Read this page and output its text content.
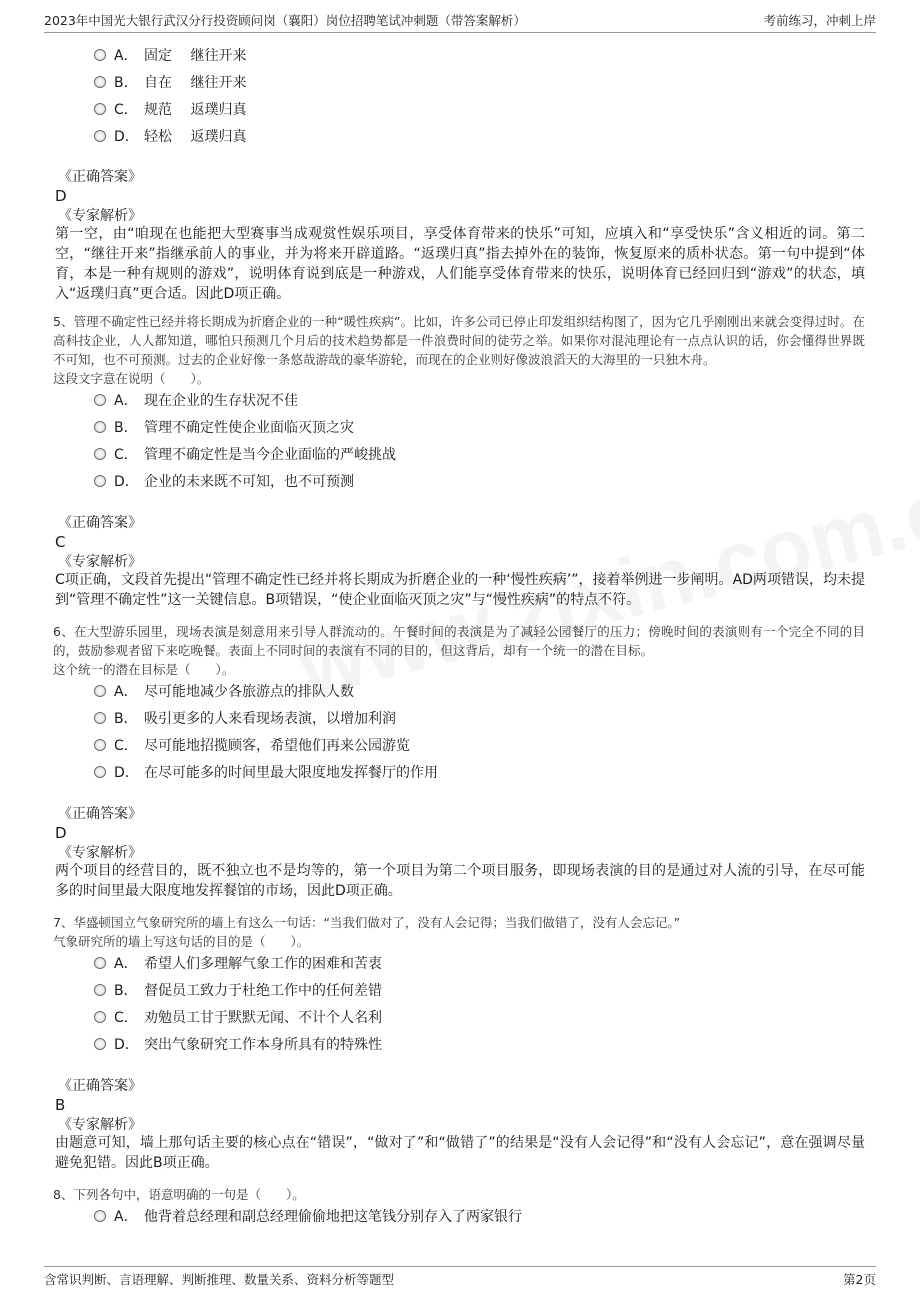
2023年中国光大银行武汉分行投资顾问岗（襄阳）岗位招聘笔试冲刺题（带答案解析）	考前练习，冲刺上岸
A． 固定　 继往开来
B． 自在　 继往开来
C． 规范　 返璞归真
D． 轻松　 返璞归真
《正确答案》
D
《专家解析》
第一空，由“咱现在也能把大型赛事当成观赏性娱乐项目，享受体育带来的快乐”可知，应填入和“享受快乐”含义相近的词。第二空，“继往开来”指继承前人的事业，并为将来开辟道路。“返璞归真”指去掉外在的装饰，恢复原来的质朴状态。第一句中提到“体育，本是一种有规则的游戏”，说明体育说到底是一种游戏，人们能享受体育带来的快乐，说明体育已经回归到“游戏”的状态，填入“返璞归真”更合适。因此D项正确。
5、管理不确定性已经并将长期成为折磨企业的一种“暖性疾病”。比如，许多公司已停止印发组织结构图了，因为它几乎刚刚出来就会变得过时。在高科技企业，人人都知道，哪怕只预测几个月后的技术趋势都是一件浪费时间的徒劳之举。如果你对混沌理论有一点点认识的话，你会懂得世界既不可知，也不可预测。过去的企业好像一条悠哉游哉的豪华游轮，而现在的企业则好像波浪滔天的大海里的一只独木舟。
这段文字意在说明（　　）。
A． 现在企业的生存状况不佳
B． 管理不确定性使企业面临灭顶之灾
C． 管理不确定性是当今企业面临的严峻挑战
D． 企业的未来既不可知，也不可预测
《正确答案》
C
《专家解析》
C项正确，文段首先提出“管理不确定性已经并将长期成为折磨企业的一种‘慢性疾病’”，接着举例进一步阐明。AD两项错误，均未提到“管理不确定性”这一关键信息。B项错误，“使企业面临灭顶之灾”与“慢性疾病”的特点不符。
6、在大型游乐园里，现场表演是刻意用来引导人群流动的。午餐时间的表演是为了减轻公园餐厅的压力；傍晚时间的表演则有一个完全不同的目的，鼓励参观者留下来吃晚餐。表面上不同时间的表演有不同的目的，但这背后，却有一个统一的潜在目标。
这个统一的潜在目标是（　　）。
A． 尽可能地减少各旅游点的排队人数
B． 吸引更多的人来看现场表演，以增加利润
C． 尽可能地招揽顾客，希望他们再来公园游览
D． 在尽可能多的时间里最大限度地发挥餐厅的作用
《正确答案》
D
《专家解析》
两个项目的经营目的，既不独立也不是均等的，第一个项目为第二个项目服务，即现场表演的目的是通过对人流的引导，在尽可能多的时间里最大限度地发挥餐馆的市场，因此D项正确。
7、华盛顿国立气象研究所的墙上有这么一句话：“当我们做对了，没有人会记得；当我们做错了，没有人会忘记。”
气象研究所的墙上写这句话的目的是（　　）。
A． 希望人们多理解气象工作的困难和苦衷
B． 督促员工致力于杜绝工作中的任何差错
C． 劝勉员工甘于默默无闻、不计个人名利
D． 突出气象研究工作本身所具有的特殊性
《正确答案》
B
《专家解析》
由题意可知，墙上那句话主要的核心点在“错误”，“做对了”和“做错了”的结果是“没有人会记得”和“没有人会忘记”，意在强调尽量避免犯错。因此B项正确。
8、下列各句中，语意明确的一句是（　　）。
A． 他背着总经理和副总经理偷偷地把这笔钱分别存入了两家银行
含常识判断、言语理解、判断推理、数量关系、资料分析等题型	第2页
